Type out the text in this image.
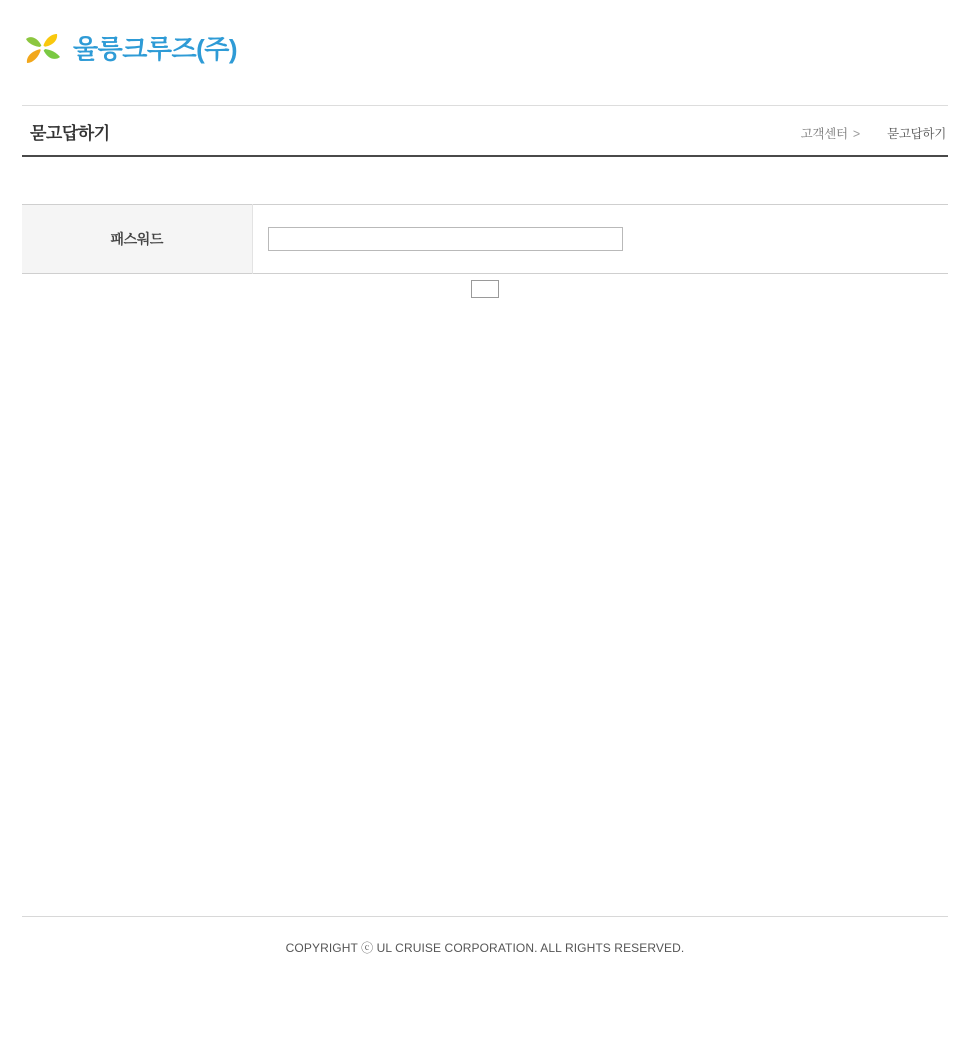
울릉크루즈(주)
묻고답하기	고객센터 > 묻고답하기
패스워드	
COPYRIGHT ⓒ UL CRUISE CORPORATION. ALL RIGHTS RESERVED.
